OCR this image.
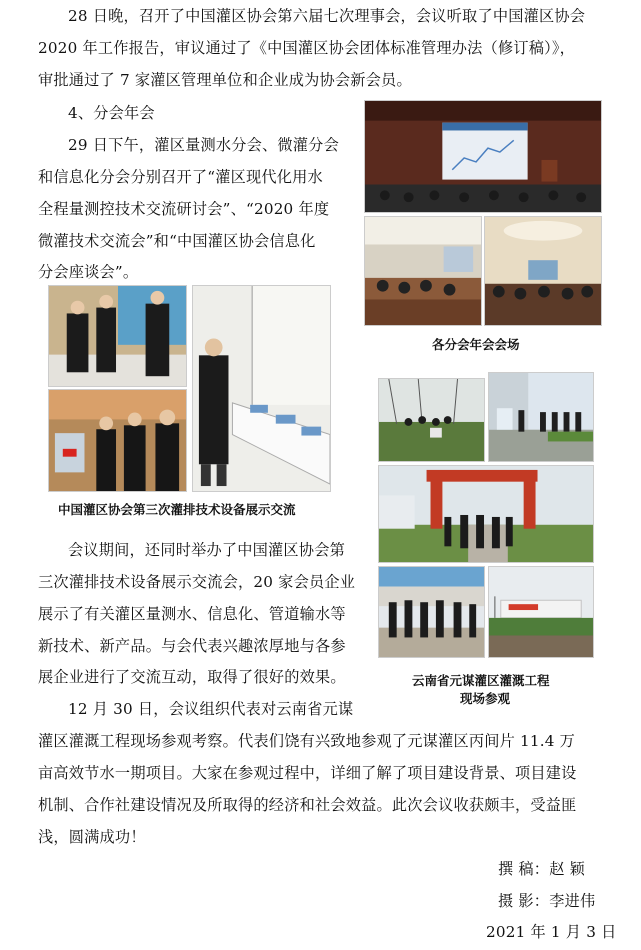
28 日晚，召开了中国灌区协会第六届七次理事会，会议听取了中国灌区协会
2020 年工作报告，审议通过了《中国灌区协会团体标准管理办法（修订稿）》，
审批通过了 7 家灌区管理单位和企业成为协会新会员。
4、分会年会
29 日下午，灌区量测水分会、微灌分会
和信息化分会分别召开了“灌区现代化用水
全程量测控技术交流研讨会”、“2020 年度
微灌技术交流会”和“中国灌区协会信息化
分会座谈会”。
会议期间，还同时举办了中国灌区协会第
三次灌排技术设备展示交流会，20 家会员企业
展示了有关灌区量测水、信息化、管道输水等
新技术、新产品。与会代表兴趣浓厚地与各参
展企业进行了交流互动，取得了很好的效果。
12 月 30 日，会议组织代表对云南省元谋
灌区灌溉工程现场参观考察。代表们饶有兴致地参观了元谋灌区丙间片 11.4 万
亩高效节水一期项目。大家在参观过程中，详细了解了项目建设背景、项目建设
机制、合作社建设情况及所取得的经济和社会效益。此次会议收获颇丰，受益匪
浅，圆满成功！
撰 稿：赵 颖
摄 影：李进伟
2021 年 1 月 3 日
各分会年会会场
中国灌区协会第三次灌排技术设备展示交流
云南省元谋灌区灌溉工程
现场参观
